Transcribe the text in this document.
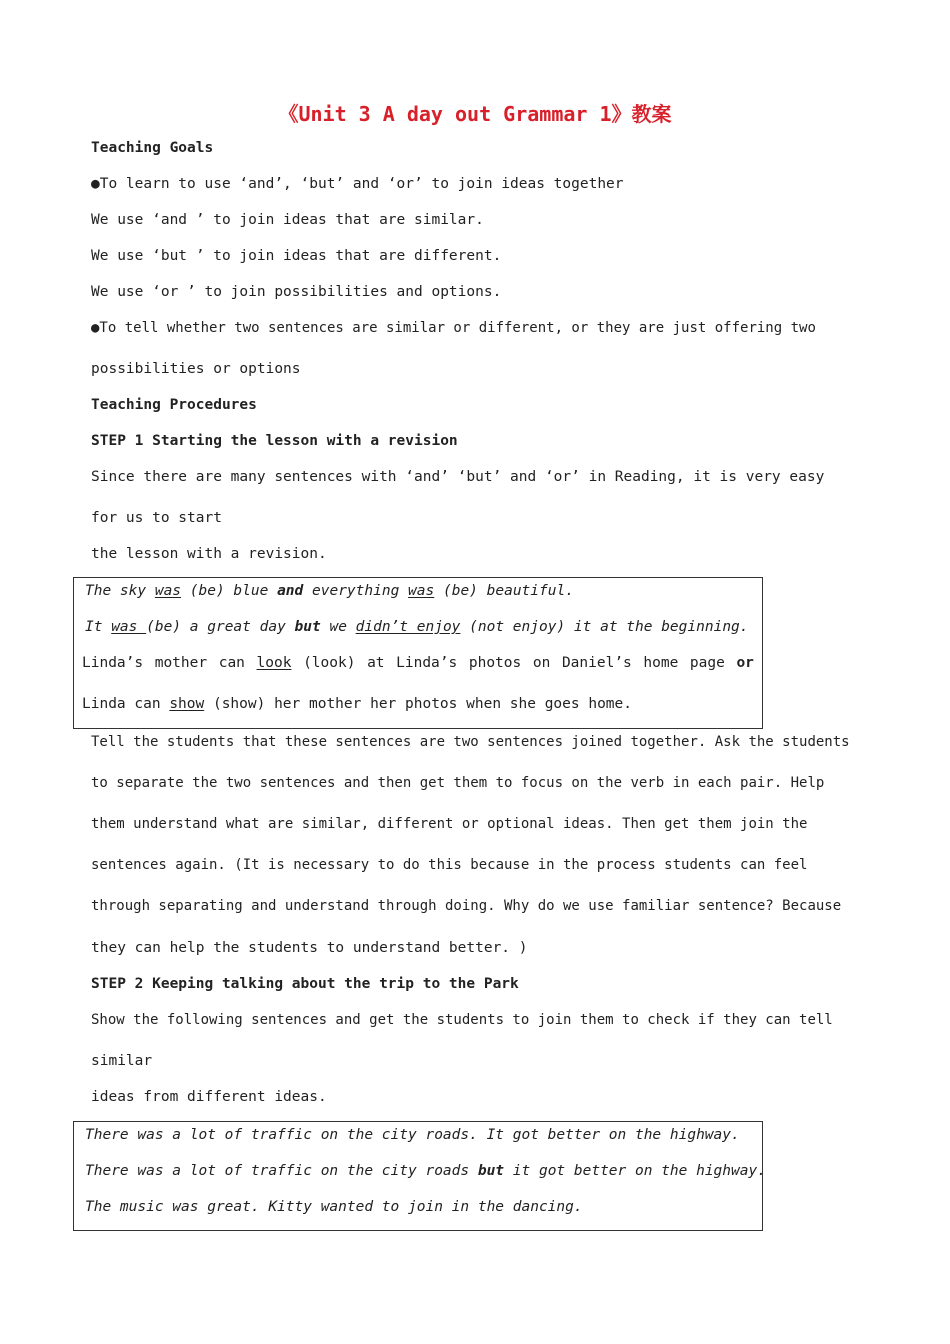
《Unit 3 A day out Grammar 1》教案
Teaching Goals
●To learn to use ‘and’, ‘but’ and ‘or’ to join ideas together
We use ‘and ’ to join ideas that are similar.
We use ‘but ’ to join ideas that are different.
We use ‘or ’ to join possibilities and options.
●To tell whether two sentences are similar or different, or they are just offering two
possibilities or options
Teaching Procedures
STEP 1 Starting the lesson with a revision
Since there are many sentences with ‘and’ ‘but’ and ‘or’ in Reading, it is very easy
for us to start
the lesson with a revision.
The sky was (be) blue and everything was (be) beautiful.
It was (be) a great day but we didn’t enjoy (not enjoy) it at the beginning.
Linda’s mother can look (look) at Linda’s photos on Daniel’s home page or
Linda can show (show) her mother her photos when she goes home.
Tell the students that these sentences are two sentences joined together. Ask the students
to separate the two sentences and then get them to focus on the verb in each pair. Help
them understand what are similar, different or optional ideas. Then get them join the
sentences again. (It is necessary to do this because in the process students can feel
through separating and understand through doing. Why do we use familiar sentence? Because
they can help the students to understand better. )
STEP 2 Keeping talking about the trip to the Park
Show the following sentences and get the students to join them to check if they can tell
similar
ideas from different ideas.
There was a lot of traffic on the city roads. It got better on the highway.
There was a lot of traffic on the city roads but it got better on the highway.
The music was great. Kitty wanted to join in the dancing.
